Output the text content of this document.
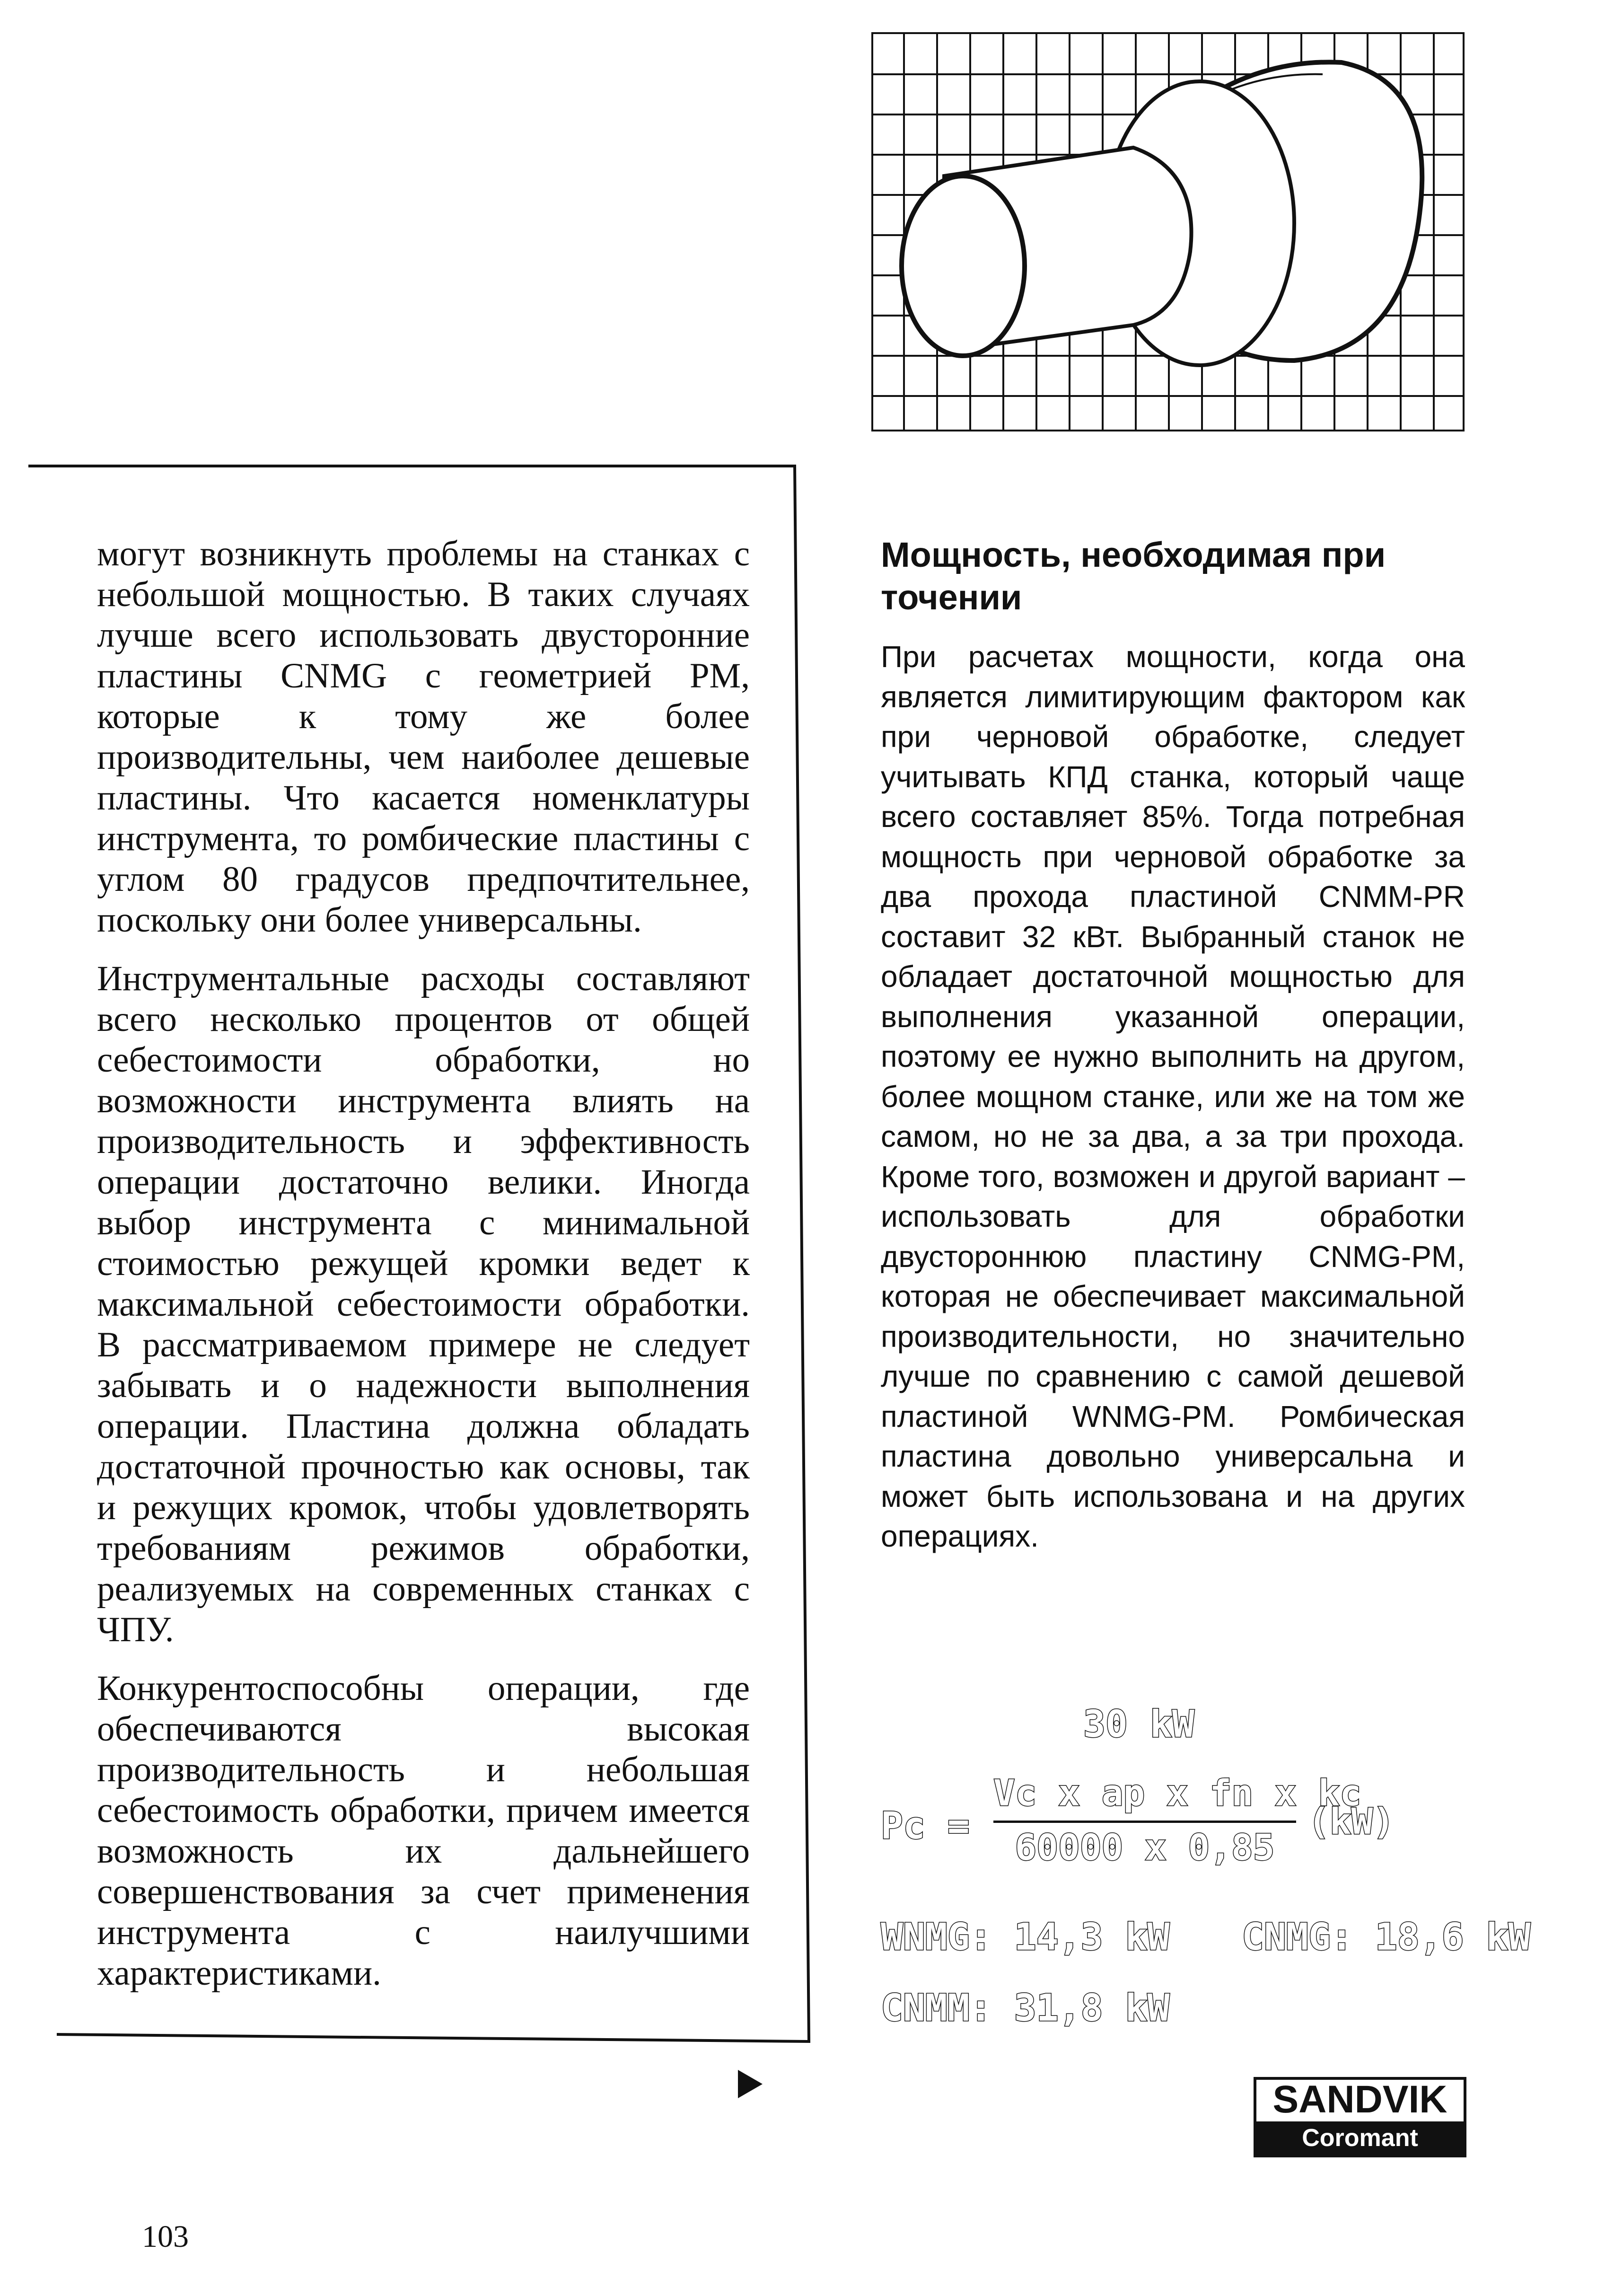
могут возникнуть проблемы на станках с небольшой мощностью. В таких случаях лучше всего использовать двусторонние пластины CNMG с геометрией PM, которые к тому же более производительны, чем наиболее дешевые пластины. Что касается номенклатуры инструмента, то ромбические пластины с углом 80 градусов предпочтительнее, поскольку они более универсальны.

Инструментальные расходы составляют всего несколько процентов от общей себестоимости обработки, но возможности инструмента влиять на производительность и эффективность операции достаточно велики. Иногда выбор инструмента с минимальной стоимостью режущей кромки ведет к максимальной себестоимости обработки. В рассматриваемом примере не следует забывать и о надежности выполнения операции. Пластина должна обладать достаточной прочностью как основы, так и режущих кромок, чтобы удовлетворять требованиям режимов обработки, реализуемых на современных станках с ЧПУ.

Конкурентоспособны операции, где обеспечиваются высокая производительность и небольшая себестоимость обработки, причем имеется возможность их дальнейшего совершенствования за счет применения инструмента с наилучшими характеристиками.

Мощность, необходимая при точении

При расчетах мощности, когда она является лимитирующим фактором как при черновой обработке, следует учитывать КПД станка, который чаще всего составляет 85%. Тогда потребная мощность при черновой обработке за два прохода пластиной CNMM-PR составит 32 кВт. Выбранный станок не обладает достаточной мощностью для выполнения указанной операции, поэтому ее нужно выполнить на другом, более мощном станке, или же на том же самом, но не за два, а за три прохода. Кроме того, возможен и другой вариант – использовать для обработки двустороннюю пластину CNMG-PM, которая не обеспечивает максимальной производительности, но значительно лучше по сравнению с самой дешевой пластиной WNMG-PM. Ромбическая пластина довольно универсальна и может быть использована и на других операциях.

30 kW
Pc =
Vc x ap x fn x kc
60000 x 0,85
(kW)
WNMG: 14,3 kW CNMG: 18,6 kW
CNMM: 31,8 kW
SANDVIK
Coromant
103
